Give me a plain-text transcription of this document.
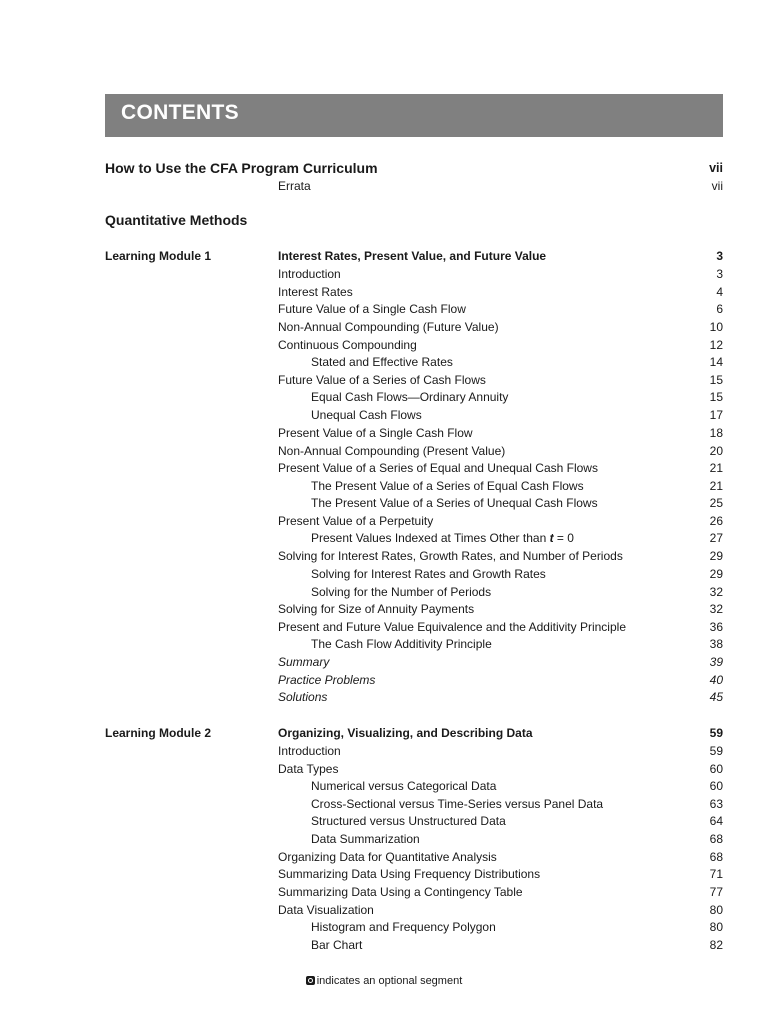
CONTENTS
How to Use the CFA Program Curriculum	vii
Errata	vii
Quantitative Methods
Learning Module 1	Interest Rates, Present Value, and Future Value	3
Introduction	3
Interest Rates	4
Future Value of a Single Cash Flow	6
Non-Annual Compounding (Future Value)	10
Continuous Compounding	12
Stated and Effective Rates	14
Future Value of a Series of Cash Flows	15
Equal Cash Flows—Ordinary Annuity	15
Unequal Cash Flows	17
Present Value of a Single Cash Flow	18
Non-Annual Compounding (Present Value)	20
Present Value of a Series of Equal and Unequal Cash Flows	21
The Present Value of a Series of Equal Cash Flows	21
The Present Value of a Series of Unequal Cash Flows	25
Present Value of a Perpetuity	26
Present Values Indexed at Times Other than t = 0	27
Solving for Interest Rates, Growth Rates, and Number of Periods	29
Solving for Interest Rates and Growth Rates	29
Solving for the Number of Periods	32
Solving for Size of Annuity Payments	32
Present and Future Value Equivalence and the Additivity Principle	36
The Cash Flow Additivity Principle	38
Summary	39
Practice Problems	40
Solutions	45
Learning Module 2	Organizing, Visualizing, and Describing Data	59
Introduction	59
Data Types	60
Numerical versus Categorical Data	60
Cross-Sectional versus Time-Series versus Panel Data	63
Structured versus Unstructured Data	64
Data Summarization	68
Organizing Data for Quantitative Analysis	68
Summarizing Data Using Frequency Distributions	71
Summarizing Data Using a Contingency Table	77
Data Visualization	80
Histogram and Frequency Polygon	80
Bar Chart	82
indicates an optional segment
